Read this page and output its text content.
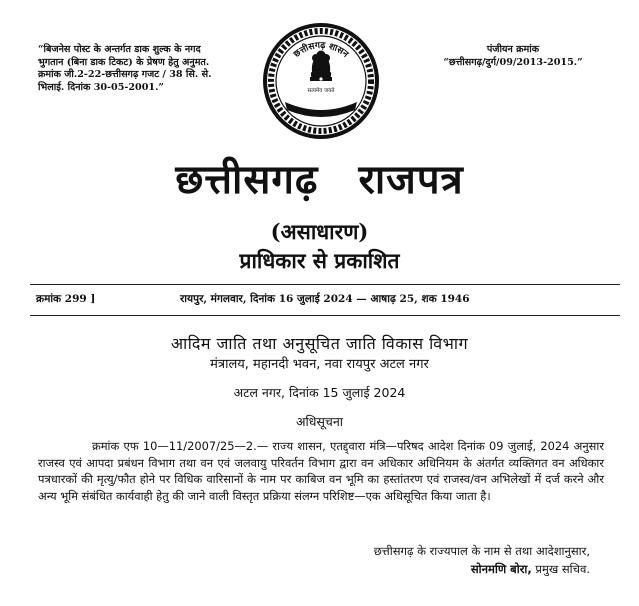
“बिजनेस पोस्ट के अन्तर्गत डाक शुल्क के नगद भुगतान (बिना डाक टिकट) के प्रेषण हेतु अनुमत. क्रमांक जी.2-22-छत्तीसगढ़ गजट / 38 सि. से. भिलाई. दिनांक 30-05-2001.”
पंजीयन क्रमांक
“छत्तीसगढ़/दुर्ग/09/2013-2015.”
छत्तीसगढ़ शासन
सत्यमेव जयते
छत्तीसगढ़ राजपत्र
(असाधारण)
प्राधिकार से प्रकाशित
क्रमांक 299 ]	रायपुर, मंगलवार, दिनांक 16 जुलाई 2024 — आषाढ़ 25, शक 1946
आदिम जाति तथा अनुसूचित जाति विकास विभाग
मंत्रालय, महानदी भवन, नवा रायपुर अटल नगर
अटल नगर, दिनांक 15 जुलाई 2024
अधिसूचना
क्रमांक एफ 10—11/2007/25—2.— राज्य शासन, एतद्द्वारा मंत्रि—परिषद आदेश दिनांक 09 जुलाई, 2024 अनुसार राजस्व एवं आपदा प्रबंधन विभाग तथा वन एवं जलवायु परिवर्तन विभाग द्वारा वन अधिकार अधिनियम के अंतर्गत व्यक्तिगत वन अधिकार पत्रधारकों की मृत्यु/फौत होने पर विधिक वारिसानों के नाम पर काबिज वन भूमि का हस्तांतरण एवं राजस्व/वन अभिलेखों में दर्ज करने और अन्य भूमि संबंधित कार्यवाही हेतु की जाने वाली विस्तृत प्रक्रिया संलग्न परिशिष्ट—एक अधिसूचित किया जाता है।
छत्तीसगढ़ के राज्यपाल के नाम से तथा आदेशानुसार,
सोनमणि बोरा, प्रमुख सचिव.
